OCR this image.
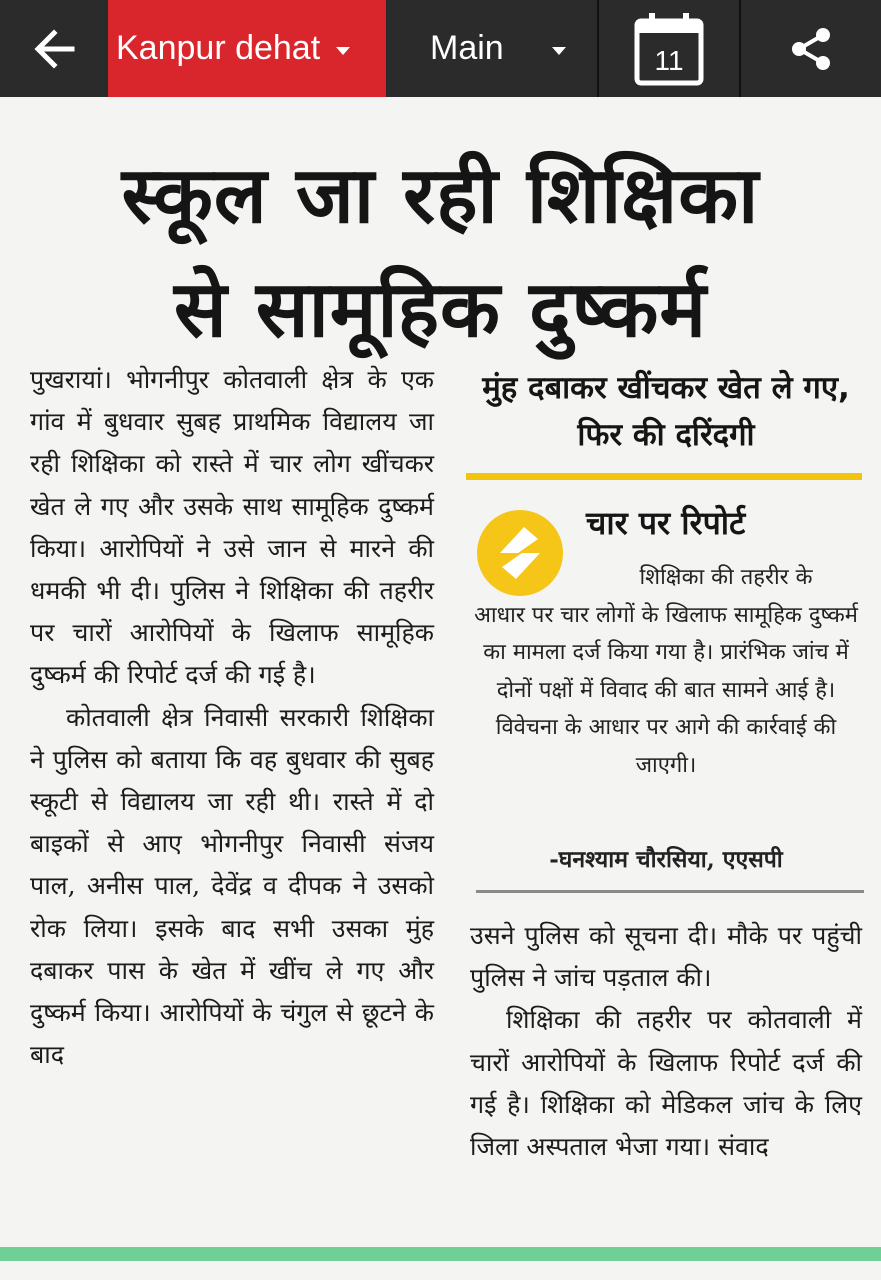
Kanpur dehat	Main	11
स्कूल जा रही शिक्षिका
से सामूहिक दुष्कर्म

पुखरायां। भोगनीपुर कोतवाली क्षेत्र के एक गांव में बुधवार सुबह प्राथमिक विद्यालय जा रही शिक्षिका को रास्ते में चार लोग खींचकर खेत ले गए और उसके साथ सामूहिक दुष्कर्म किया। आरोपियों ने उसे जान से मारने की धमकी भी दी। पुलिस ने शिक्षिका की तहरीर पर चारों आरोपियों के खिलाफ सामूहिक दुष्कर्म की रिपोर्ट दर्ज की गई है।

कोतवाली क्षेत्र निवासी सरकारी शिक्षिका ने पुलिस को बताया कि वह बुधवार की सुबह स्कूटी से विद्यालय जा रही थी। रास्ते में दो बाइकों से आए भोगनीपुर निवासी संजय पाल, अनीस पाल, देवेंद्र व दीपक ने उसको रोक लिया। इसके बाद सभी उसका मुंह दबाकर पास के खेत में खींच ले गए और दुष्कर्म किया। आरोपियों के चंगुल से छूटने के बाद

मुंह दबाकर खींचकर खेत ले गए, फिर की दरिंदगी
चार पर रिपोर्ट
शिक्षिका की तहरीर के
आधार पर चार लोगों के खिलाफ सामूहिक दुष्कर्म का मामला दर्ज किया गया है। प्रारंभिक जांच में दोनों पक्षों में विवाद की बात सामने आई है। विवेचना के आधार पर आगे की कार्रवाई की जाएगी।
-घनश्याम चौरसिया, एएसपी

उसने पुलिस को सूचना दी। मौके पर पहुंची पुलिस ने जांच पड़ताल की।

शिक्षिका की तहरीर पर कोतवाली में चारों आरोपियों के खिलाफ रिपोर्ट दर्ज की गई है। शिक्षिका को मेडिकल जांच के लिए जिला अस्पताल भेजा गया। संवाद
